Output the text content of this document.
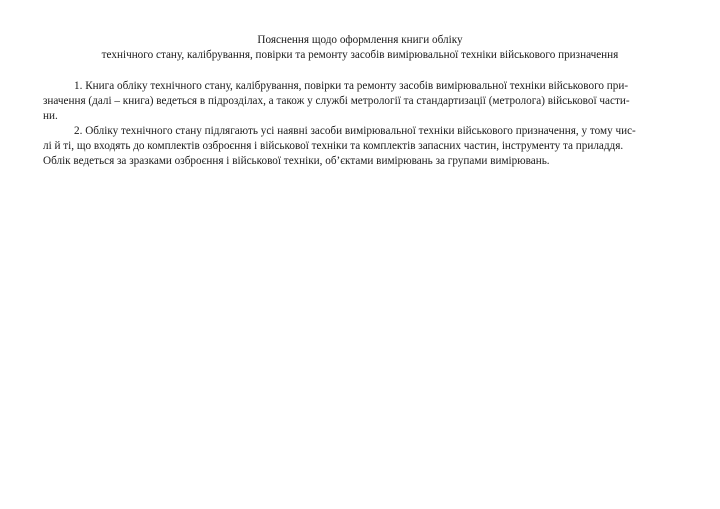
Пояснення щодо оформлення книги обліку
технічного стану, калібрування, повірки та ремонту засобів вимірювальної техніки військового призначення
1. Книга обліку технічного стану, калібрування, повірки та ремонту засобів вимірювальної техніки військового при-
значення (далі – книга) ведеться в підрозділах, а також у службі метрології та стандартизації (метролога) військової части-
ни.
2. Обліку технічного стану підлягають усі наявні засоби вимірювальної техніки військового призначення, у тому чис-
лі й ті, що входять до комплектів озброєння і військової техніки та комплектів запасних частин, інструменту та приладдя.
Облік ведеться за зразками озброєння і військової техніки, об’єктами вимірювань за групами вимірювань.
